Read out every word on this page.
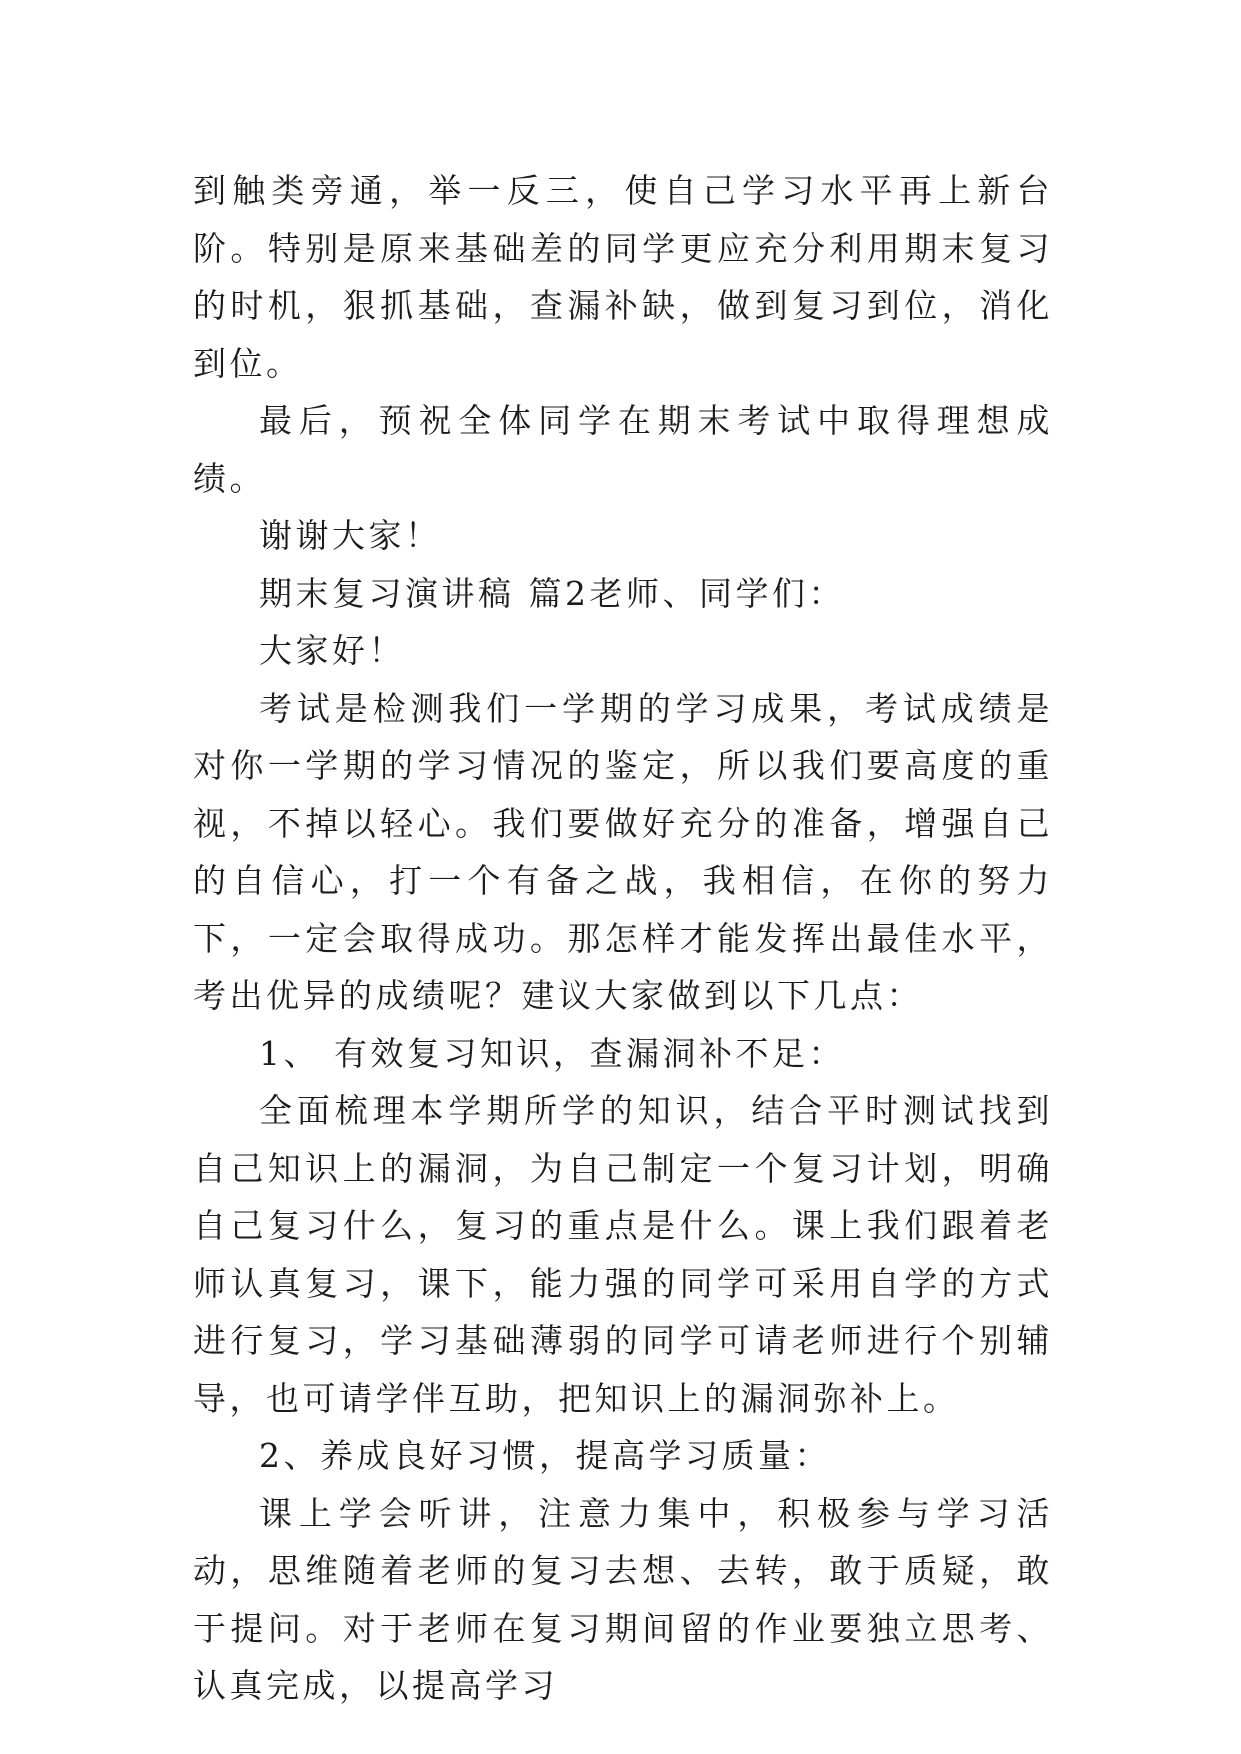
到触类旁通，举一反三，使自己学习水平再上新台阶。特别是原来基础差的同学更应充分利用期末复习的时机，狠抓基础，查漏补缺，做到复习到位，消化到位。

最后，预祝全体同学在期末考试中取得理想成绩。

谢谢大家！

期末复习演讲稿 篇2老师、同学们：

大家好！

考试是检测我们一学期的学习成果，考试成绩是对你一学期的学习情况的鉴定，所以我们要高度的重视，不掉以轻心。我们要做好充分的准备，增强自己的自信心，打一个有备之战，我相信，在你的努力下，一定会取得成功。那怎样才能发挥出最佳水平，考出优异的成绩呢？建议大家做到以下几点：

1、 有效复习知识，查漏洞补不足：

全面梳理本学期所学的知识，结合平时测试找到自己知识上的漏洞，为自己制定一个复习计划，明确自己复习什么，复习的重点是什么。课上我们跟着老师认真复习，课下，能力强的同学可采用自学的方式进行复习，学习基础薄弱的同学可请老师进行个别辅导，也可请学伴互助，把知识上的漏洞弥补上。

2、养成良好习惯，提高学习质量：

课上学会听讲，注意力集中，积极参与学习活动，思维随着老师的复习去想、去转，敢于质疑，敢于提问。对于老师在复习期间留的作业要独立思考、认真完成，以提高学习
